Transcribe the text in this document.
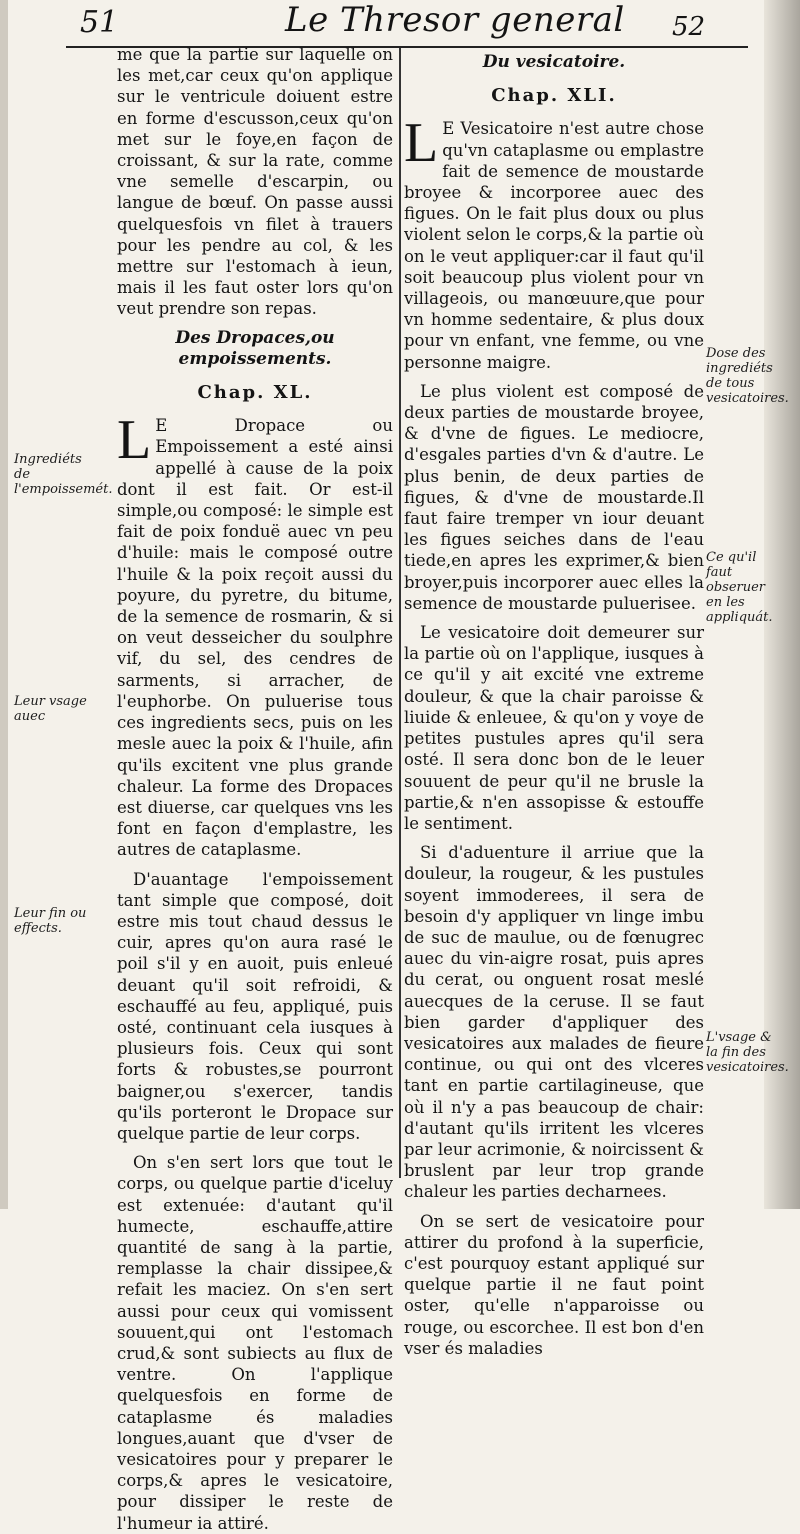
51	Le Thresor general 52

me que la partie sur laquelle on les met,car ceux qu'on applique sur le ventricule doiuent estre en forme d'escusson,ceux qu'on met sur le foye,en façon de croissant, & sur la rate, comme vne semelle d'escarpin, ou langue de bœuf. On passe aussi quelquesfois vn filet à trauers pour les pendre au col, & les mettre sur l'estomach à ieun, mais il les faut oster lors qu'on veut prendre son repas.

Des Dropaces,ou empoissements.

Chap. XL.

L E Dropace ou Empoissement a esté ainsi appellé à cause de la poix dont il est fait. Or est-il simple,ou composé: le simple est fait de poix fonduë auec vn peu d'huile: mais le composé outre l'huile & la poix reçoit aussi du poyure, du pyretre, du bitume, de la semence de rosmarin, & si on veut desseicher du soulphre vif, du sel, des cendres de sarments, si arracher, de l'euphorbe. On puluerise tous ces ingredients secs, puis on les mesle auec la poix & l'huile, afin qu'ils excitent vne plus grande chaleur. La forme des Dropaces est diuerse, car quelques vns les font en façon d'emplastre, les autres de cataplasme.

D'auantage l'empoissement tant simple que composé, doit estre mis tout chaud dessus le cuir, apres qu'on aura rasé le poil s'il y en auoit, puis enleué deuant qu'il soit refroidi, & eschauffé au feu, appliqué, puis osté, continuant cela iusques à plusieurs fois. Ceux qui sont forts & robustes,se pourront baigner,ou s'exercer, tandis qu'ils porteront le Dropace sur quelque partie de leur corps.

On s'en sert lors que tout le corps, ou quelque partie d'iceluy est extenuée: d'autant qu'il humecte, eschauffe,attire quantité de sang à la partie, remplasse la chair dissipee,& refait les maciez. On s'en sert aussi pour ceux qui vomissent souuent,qui ont l'estomach crud,& sont subiects au flux de ventre. On l'applique quelquesfois en forme de cataplasme és maladies longues,auant que d'vser de vesicatoires pour y preparer le corps,& apres le vesicatoire, pour dissiper le reste de l'humeur ia attiré.

Du vesicatoire.

Chap. XLI.

L E Vesicatoire n'est autre chose qu'vn cataplasme ou emplastre fait de semence de moustarde broyee & incorporee auec des figues. On le fait plus doux ou plus violent selon le corps,& la partie où on le veut appliquer:car il faut qu'il soit beaucoup plus violent pour vn villageois, ou manœuure,que pour vn homme sedentaire, & plus doux pour vn enfant, vne femme, ou vne personne maigre.

Le plus violent est composé de deux parties de moustarde broyee, & d'vne de figues. Le mediocre, d'esgales parties d'vn & d'autre. Le plus benin, de deux parties de figues, & d'vne de moustarde.Il faut faire tremper vn iour deuant les figues seiches dans de l'eau tiede,en apres les exprimer,& bien broyer,puis incorporer auec elles la semence de moustarde puluerisee.

Le vesicatoire doit demeurer sur la partie où on l'applique, iusques à ce qu'il y ait excité vne extreme douleur, & que la chair paroisse & liuide & enleuee, & qu'on y voye de petites pustules apres qu'il sera osté. Il sera donc bon de le leuer souuent de peur qu'il ne brusle la partie,& n'en assopisse & estouffe le sentiment.

Si d'aduenture il arriue que la douleur, la rougeur, & les pustules soyent immoderees, il sera de besoin d'y appliquer vn linge imbu de suc de maulue, ou de fœnugrec auec du vin-aigre rosat, puis apres du cerat, ou onguent rosat meslé auecques de la ceruse. Il se faut bien garder d'appliquer des vesicatoires aux malades de fieure continue, ou qui ont des vlceres tant en partie cartilagineuse, que où il n'y a pas beaucoup de chair: d'autant qu'ils irritent les vlceres par leur acrimonie, & noircissent & bruslent par leur trop grande chaleur les parties decharnees.

On se sert de vesicatoire pour attirer du profond à la superficie, c'est pourquoy estant appliqué sur quelque partie il ne faut point oster, qu'elle n'apparoisse ou rouge, ou escorchee. Il est bon d'en vser és maladies

Ingrediéts de l'empoissemét.
Leur vsage auec
Leur fin ou effects.
Dose des ingrediéts de tous vesicatoires.
Ce qu'il faut obseruer en les appliquát.
L'vsage & la fin des vesicatoires.
